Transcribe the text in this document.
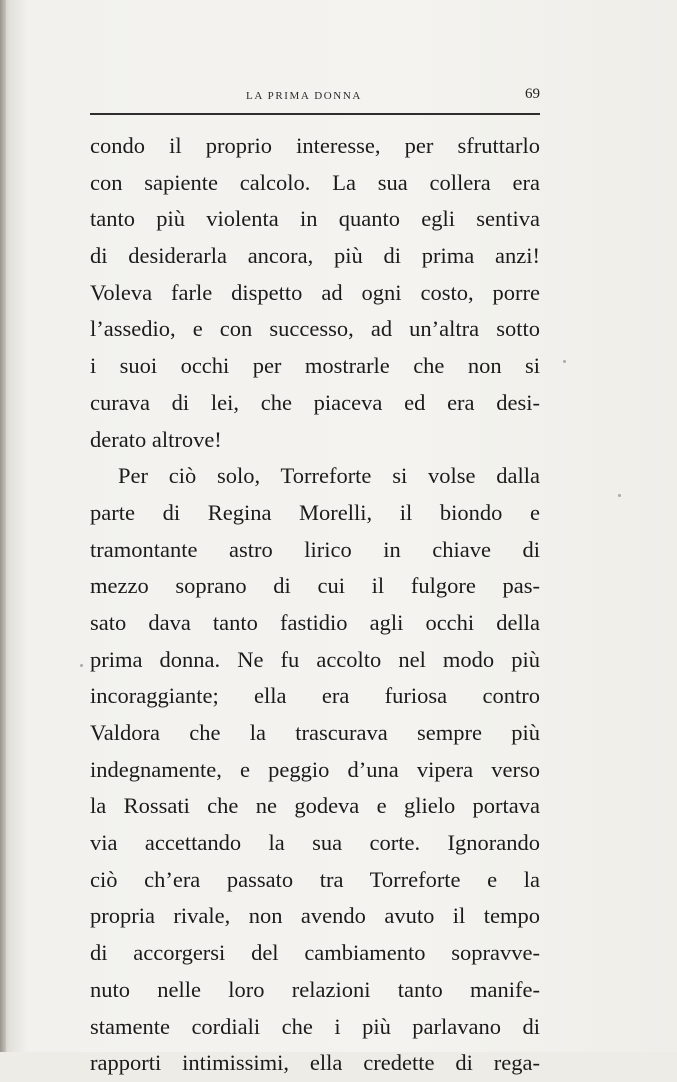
LA PRIMA DONNA	69
condo il proprio interesse, per sfruttarlo
con sapiente calcolo. La sua collera era
tanto più violenta in quanto egli sentiva
di desiderarla ancora, più di prima anzi!
Voleva farle dispetto ad ogni costo, porre
l’assedio, e con successo, ad un’altra sotto
i suoi occhi per mostrarle che non si
curava di lei, che piaceva ed era desi-
derato altrove!
Per ciò solo, Torreforte si volse dalla
parte di Regina Morelli, il biondo e
tramontante astro lirico in chiave di
mezzo soprano di cui il fulgore pas-
sato dava tanto fastidio agli occhi della
prima donna. Ne fu accolto nel modo più
incoraggiante; ella era furiosa contro
Valdora che la trascurava sempre più
indegnamente, e peggio d’una vipera verso
la Rossati che ne godeva e glielo portava
via accettando la sua corte. Ignorando
ciò ch’era passato tra Torreforte e la
propria rivale, non avendo avuto il tempo
di accorgersi del cambiamento sopravve-
nuto nelle loro relazioni tanto manife-
stamente cordiali che i più parlavano di
rapporti intimissimi, ella credette di rega-
